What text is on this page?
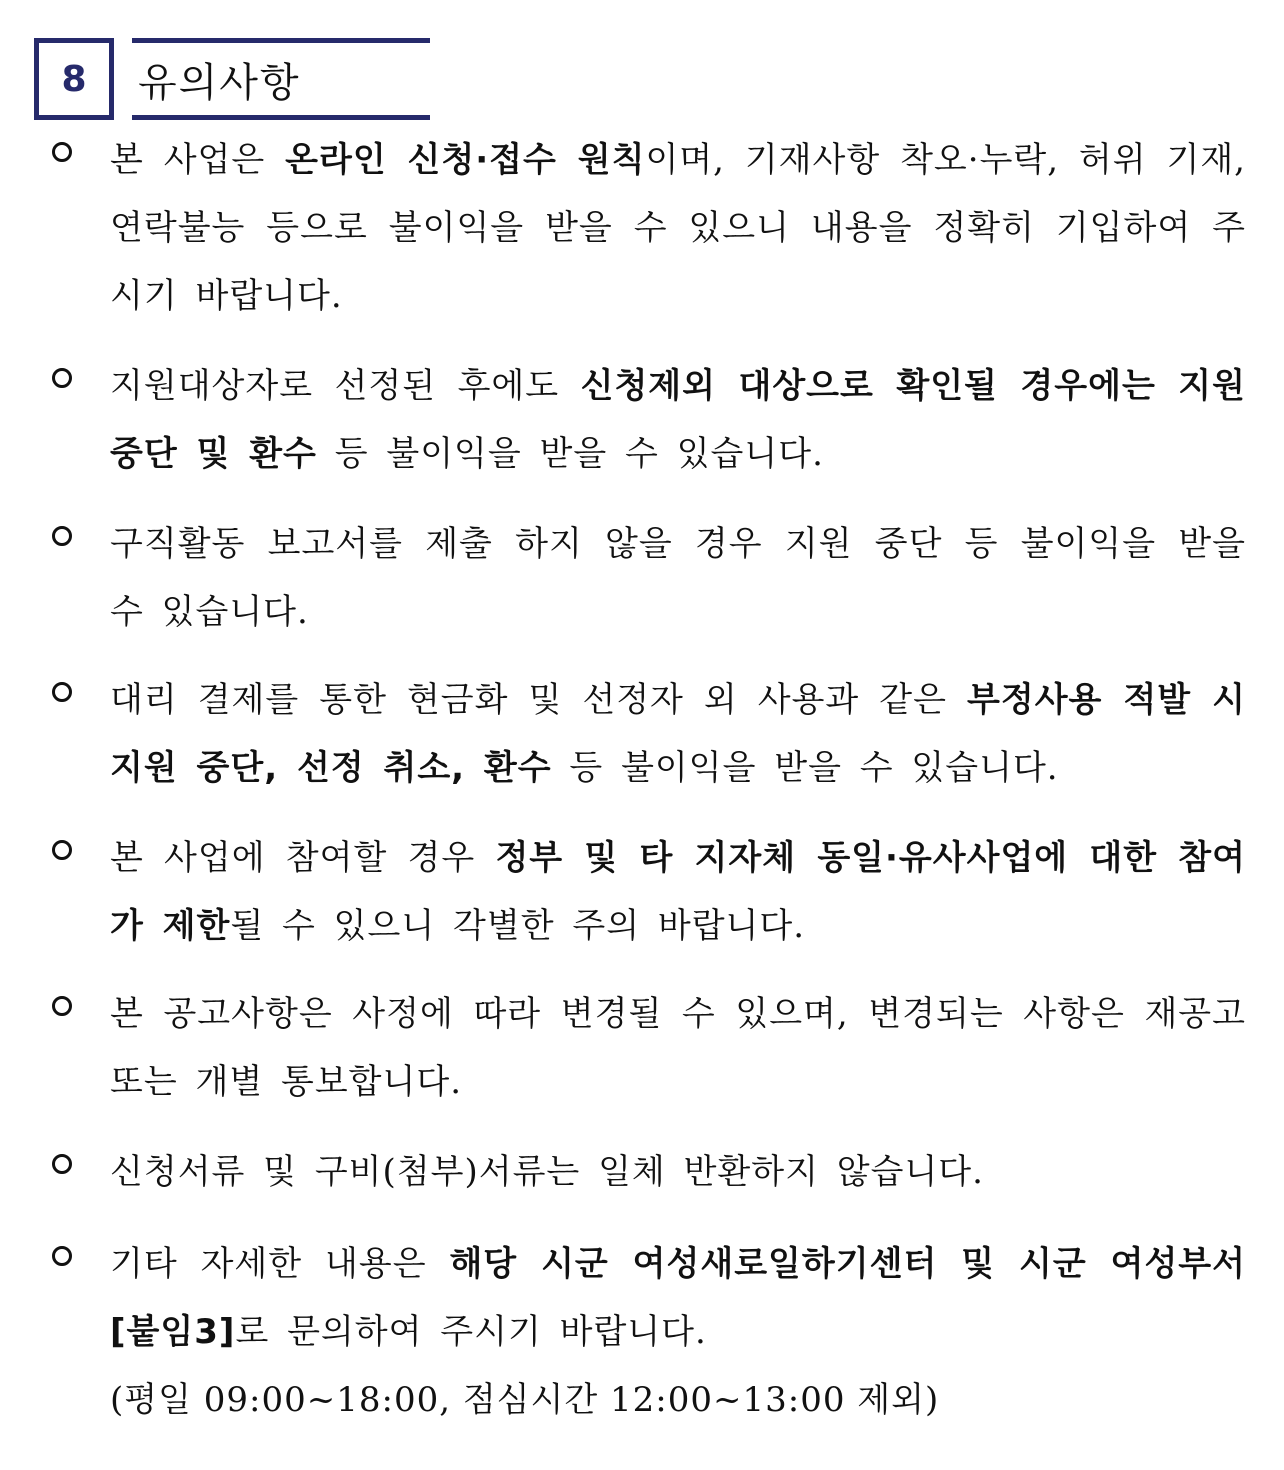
8 유의사항
본 사업은 온라인 신청·접수 원칙이며, 기재사항 착오·누락, 허위 기재, 연락불능 등으로 불이익을 받을 수 있으니 내용을 정확히 기입하여 주시기 바랍니다.
지원대상자로 선정된 후에도 신청제외 대상으로 확인될 경우에는 지원중단 및 환수 등 불이익을 받을 수 있습니다.
구직활동 보고서를 제출 하지 않을 경우 지원 중단 등 불이익을 받을 수 있습니다.
대리 결제를 통한 현금화 및 선정자 외 사용과 같은 부정사용 적발 시 지원 중단, 선정 취소, 환수 등 불이익을 받을 수 있습니다.
본 사업에 참여할 경우 정부 및 타 지자체 동일·유사사업에 대한 참여가 제한될 수 있으니 각별한 주의 바랍니다.
본 공고사항은 사정에 따라 변경될 수 있으며, 변경되는 사항은 재공고 또는 개별 통보합니다.
신청서류 및 구비(첨부)서류는 일체 반환하지 않습니다.
기타 자세한 내용은 해당 시군 여성새로일하기센터 및 시군 여성부서 [붙임3]로 문의하여 주시기 바랍니다.
(평일 09:00~18:00, 점심시간 12:00~13:00 제외)
